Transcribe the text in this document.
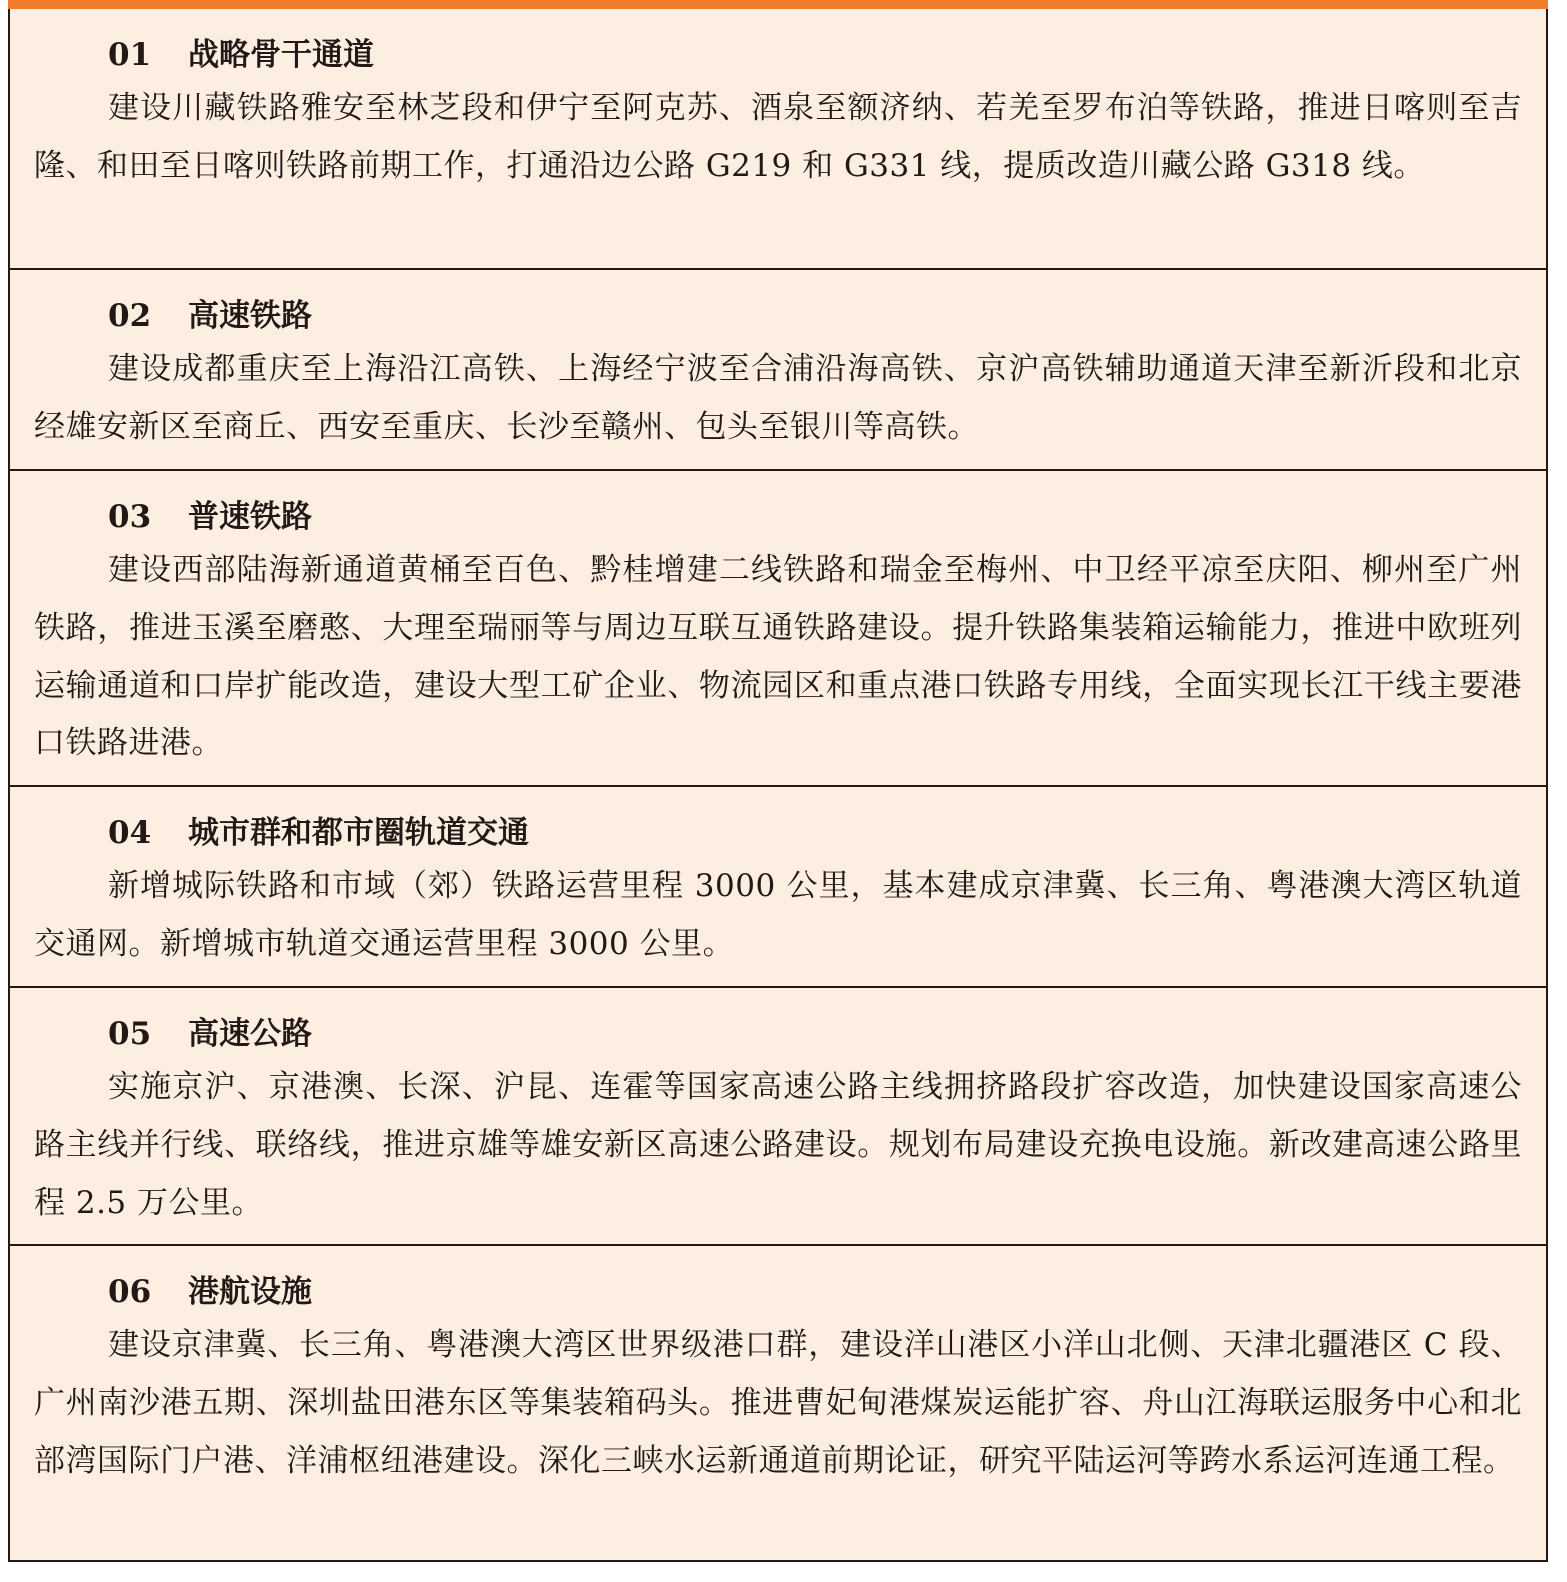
01 战略骨干通道

建设川藏铁路雅安至林芝段和伊宁至阿克苏、酒泉至额济纳、若羌至罗布泊等铁路，推进日喀则至吉隆、和田至日喀则铁路前期工作，打通沿边公路 G219 和 G331 线，提质改造川藏公路 G318 线。

02 高速铁路

建设成都重庆至上海沿江高铁、上海经宁波至合浦沿海高铁、京沪高铁辅助通道天津至新沂段和北京经雄安新区至商丘、西安至重庆、长沙至赣州、包头至银川等高铁。

03 普速铁路

建设西部陆海新通道黄桶至百色、黔桂增建二线铁路和瑞金至梅州、中卫经平凉至庆阳、柳州至广州铁路，推进玉溪至磨憨、大理至瑞丽等与周边互联互通铁路建设。提升铁路集装箱运输能力，推进中欧班列运输通道和口岸扩能改造，建设大型工矿企业、物流园区和重点港口铁路专用线，全面实现长江干线主要港口铁路进港。

04 城市群和都市圈轨道交通

新增城际铁路和市域（郊）铁路运营里程 3000 公里，基本建成京津冀、长三角、粤港澳大湾区轨道交通网。新增城市轨道交通运营里程 3000 公里。

05 高速公路

实施京沪、京港澳、长深、沪昆、连霍等国家高速公路主线拥挤路段扩容改造，加快建设国家高速公路主线并行线、联络线，推进京雄等雄安新区高速公路建设。规划布局建设充换电设施。新改建高速公路里程 2.5 万公里。

06 港航设施

建设京津冀、长三角、粤港澳大湾区世界级港口群，建设洋山港区小洋山北侧、天津北疆港区 C 段、广州南沙港五期、深圳盐田港东区等集装箱码头。推进曹妃甸港煤炭运能扩容、舟山江海联运服务中心和北部湾国际门户港、洋浦枢纽港建设。深化三峡水运新通道前期论证，研究平陆运河等跨水系运河连通工程。
